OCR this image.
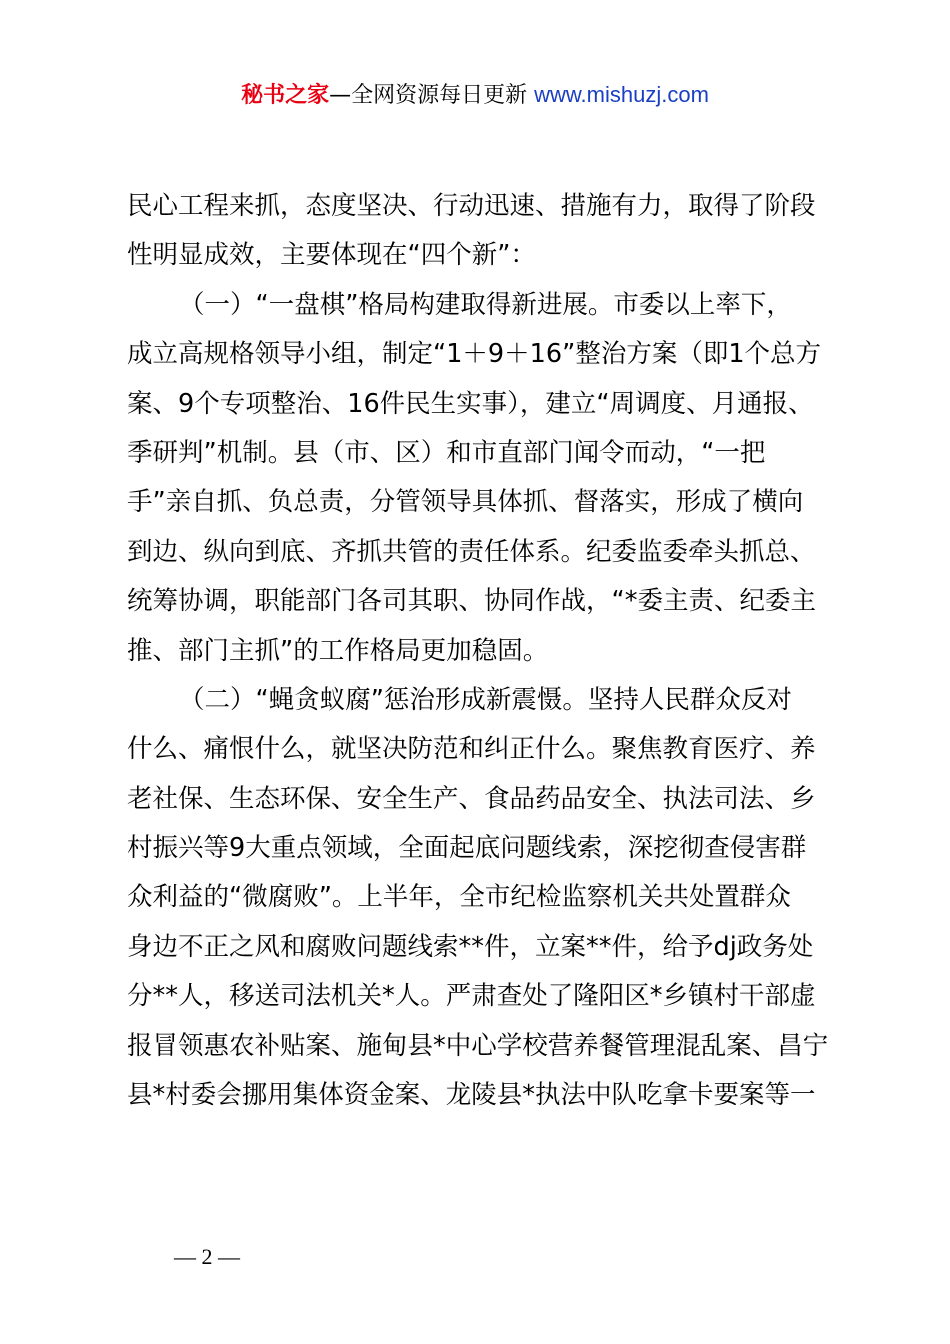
秘书之家—全网资源每日更新 www.mishuzj.com
民心工程来抓，态度坚决、行动迅速、措施有力，取得了阶段
性明显成效，主要体现在“四个新”：
（一）“一盘棋”格局构建取得新进展。市委以上率下，
成立高规格领导小组，制定“1＋9＋16”整治方案（即1个总方
案、9个专项整治、16件民生实事），建立“周调度、月通报、
季研判”机制。县（市、区）和市直部门闻令而动，“一把
手”亲自抓、负总责，分管领导具体抓、督落实，形成了横向
到边、纵向到底、齐抓共管的责任体系。纪委监委牵头抓总、
统筹协调，职能部门各司其职、协同作战，“*委主责、纪委主
推、部门主抓”的工作格局更加稳固。
（二）“蝇贪蚁腐”惩治形成新震慑。坚持人民群众反对
什么、痛恨什么，就坚决防范和纠正什么。聚焦教育医疗、养
老社保、生态环保、安全生产、食品药品安全、执法司法、乡
村振兴等9大重点领域，全面起底问题线索，深挖彻查侵害群
众利益的“微腐败”。上半年，全市纪检监察机关共处置群众
身边不正之风和腐败问题线索**件，立案**件，给予dj政务处
分**人，移送司法机关*人。严肃查处了隆阳区*乡镇村干部虚
报冒领惠农补贴案、施甸县*中心学校营养餐管理混乱案、昌宁
县*村委会挪用集体资金案、龙陵县*执法中队吃拿卡要案等一
— 2 —
